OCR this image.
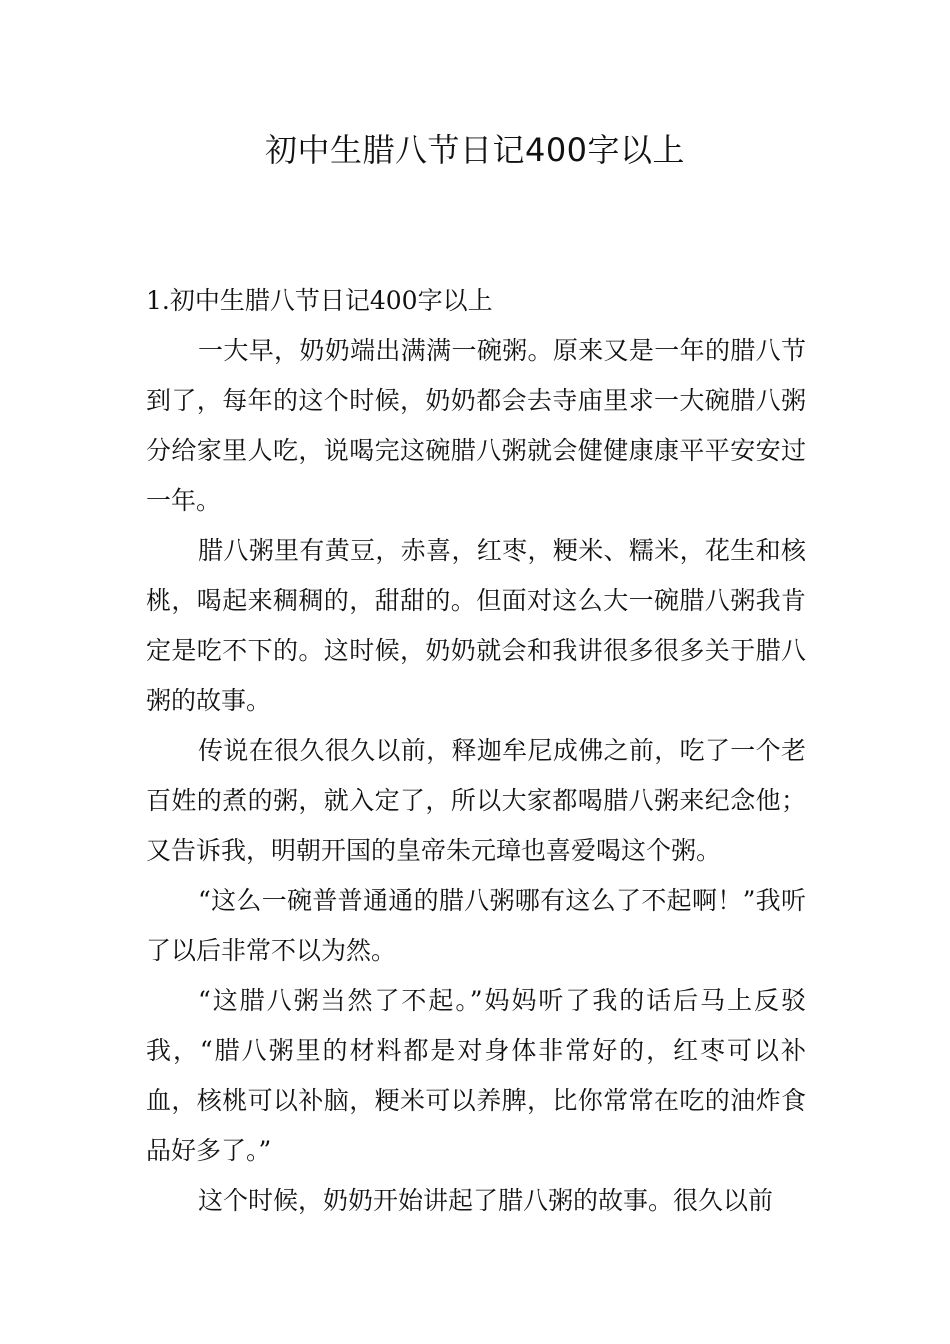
初中生腊八节日记400字以上

1.初中生腊八节日记400字以上

一大早，奶奶端出满满一碗粥。原来又是一年的腊八节到了，每年的这个时候，奶奶都会去寺庙里求一大碗腊八粥分给家里人吃，说喝完这碗腊八粥就会健健康康平平安安过一年。

腊八粥里有黄豆，赤喜，红枣，粳米、糯米，花生和核桃，喝起来稠稠的，甜甜的。但面对这么大一碗腊八粥我肯定是吃不下的。这时候，奶奶就会和我讲很多很多关于腊八粥的故事。

传说在很久很久以前，释迦牟尼成佛之前，吃了一个老百姓的煮的粥，就入定了，所以大家都喝腊八粥来纪念他；又告诉我，明朝开国的皇帝朱元璋也喜爱喝这个粥。

“这么一碗普普通通的腊八粥哪有这么了不起啊！”我听了以后非常不以为然。

“这腊八粥当然了不起。”妈妈听了我的话后马上反驳我，“腊八粥里的材料都是对身体非常好的，红枣可以补血，核桃可以补脑，粳米可以养脾，比你常常在吃的油炸食品好多了。”

这个时候，奶奶开始讲起了腊八粥的故事。很久以前
